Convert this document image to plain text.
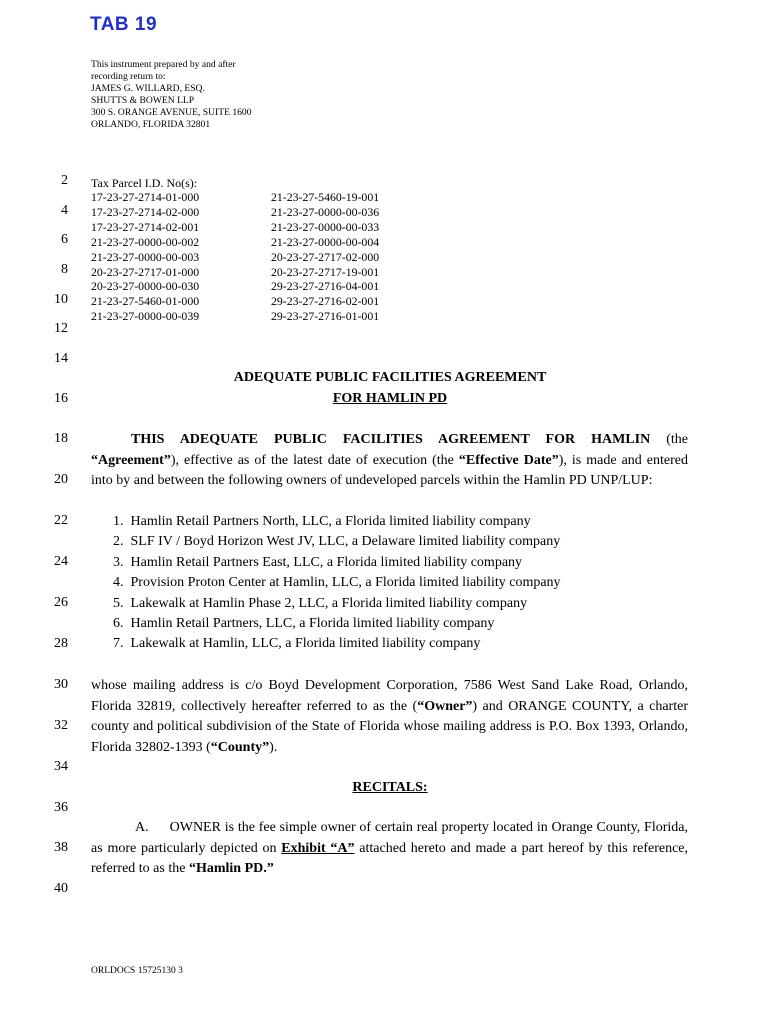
TAB 19
This instrument prepared by and after
recording return to:
JAMES G. WILLARD, ESQ.
SHUTTS & BOWEN LLP
300 S. ORANGE AVENUE, SUITE 1600
ORLANDO, FLORIDA 32801
2
4
6
8
10
12
14
16
18
20
22
24
26
28
30
32
34
36
38
40
Tax Parcel I.D. No(s):
17-23-27-2714-01-000
17-23-27-2714-02-000
17-23-27-2714-02-001
21-23-27-0000-00-002
21-23-27-0000-00-003
20-23-27-2717-01-000
20-23-27-0000-00-030
21-23-27-5460-01-000
21-23-27-0000-00-039
21-23-27-5460-19-001
21-23-27-0000-00-036
21-23-27-0000-00-033
21-23-27-0000-00-004
20-23-27-2717-02-000
20-23-27-2717-19-001
29-23-27-2716-04-001
29-23-27-2716-02-001
29-23-27-2716-01-001
ADEQUATE PUBLIC FACILITIES AGREEMENT
FOR HAMLIN PD
THIS ADEQUATE PUBLIC FACILITIES AGREEMENT FOR HAMLIN (the “Agreement”), effective as of the latest date of execution (the “Effective Date”), is made and entered into by and between the following owners of undeveloped parcels within the Hamlin PD UNP/LUP:
1. Hamlin Retail Partners North, LLC, a Florida limited liability company
2. SLF IV / Boyd Horizon West JV, LLC, a Delaware limited liability company
3. Hamlin Retail Partners East, LLC, a Florida limited liability company
4. Provision Proton Center at Hamlin, LLC, a Florida limited liability company
5. Lakewalk at Hamlin Phase 2, LLC, a Florida limited liability company
6. Hamlin Retail Partners, LLC, a Florida limited liability company
7. Lakewalk at Hamlin, LLC, a Florida limited liability company
whose mailing address is c/o Boyd Development Corporation, 7586 West Sand Lake Road, Orlando, Florida 32819, collectively hereafter referred to as the (“Owner”) and ORANGE COUNTY, a charter county and political subdivision of the State of Florida whose mailing address is P.O. Box 1393, Orlando, Florida 32802-1393 (“County”).
RECITALS:
A. OWNER is the fee simple owner of certain real property located in Orange County, Florida, as more particularly depicted on Exhibit “A” attached hereto and made a part hereof by this reference, referred to as the “Hamlin PD.”
ORLDOCS 15725130 3
